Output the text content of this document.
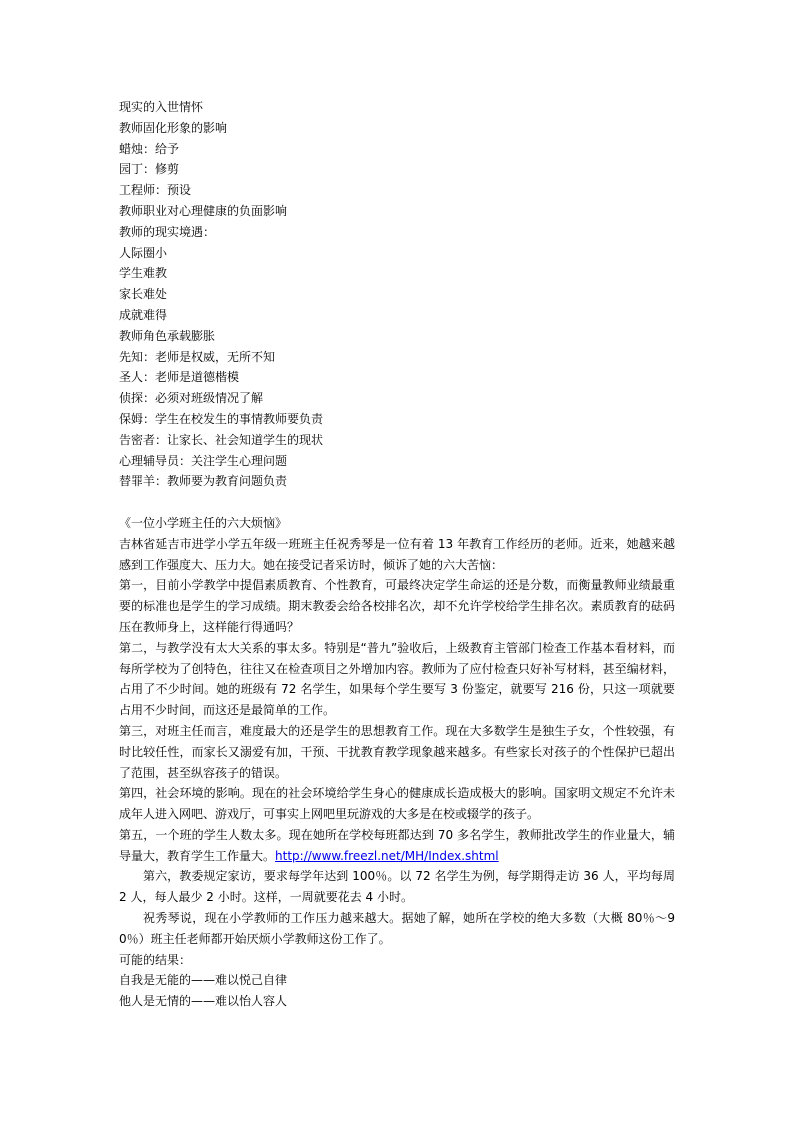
现实的入世情怀
教师固化形象的影响
蜡烛：给予
园丁：修剪
工程师：预设
教师职业对心理健康的负面影响
教师的现实境遇：
人际圈小
学生难教
家长难处
成就难得
教师角色承载膨胀
先知：老师是权威，无所不知
圣人：老师是道德楷模
侦探：必须对班级情况了解
保姆：学生在校发生的事情教师要负责
告密者：让家长、社会知道学生的现状
心理辅导员：关注学生心理问题
替罪羊：教师要为教育问题负责
《一位小学班主任的六大烦恼》
吉林省延吉市进学小学五年级一班班主任祝秀琴是一位有着 13 年教育工作经历的老师。近来，她越来越感到工作强度大、压力大。她在接受记者采访时，倾诉了她的六大苦恼：
第一，目前小学教学中提倡素质教育、个性教育，可最终决定学生命运的还是分数，而衡量教师业绩最重要的标准也是学生的学习成绩。期末教委会给各校排名次，却不允许学校给学生排名次。素质教育的砝码压在教师身上，这样能行得通吗？
第二，与教学没有太大关系的事太多。特别是“普九”验收后，上级教育主管部门检查工作基本看材料，而每所学校为了创特色，往往又在检查项目之外增加内容。教师为了应付检查只好补写材料，甚至编材料，占用了不少时间。她的班级有 72 名学生，如果每个学生要写 3 份鉴定，就要写 216 份，只这一项就要占用不少时间，而这还是最简单的工作。
第三，对班主任而言，难度最大的还是学生的思想教育工作。现在大多数学生是独生子女，个性较强，有时比较任性，而家长又溺爱有加，干预、干扰教育教学现象越来越多。有些家长对孩子的个性保护已超出了范围，甚至纵容孩子的错误。
第四，社会环境的影响。现在的社会环境给学生身心的健康成长造成极大的影响。国家明文规定不允许未成年人进入网吧、游戏厅，可事实上网吧里玩游戏的大多是在校或辍学的孩子。
第五，一个班的学生人数太多。现在她所在学校每班都达到 70 多名学生，教师批改学生的作业量大，辅导量大，教育学生工作量大。http://www.freezl.net/MH/Index.shtml
第六，教委规定家访，要求每学年达到 100％。以 72 名学生为例，每学期得走访 36 人，平均每周 2 人，每人最少 2 小时。这样，一周就要花去 4 小时。
祝秀琴说，现在小学教师的工作压力越来越大。据她了解，她所在学校的绝大多数（大概 80％～90％）班主任老师都开始厌烦小学教师这份工作了。
可能的结果：
自我是无能的——难以悦己自律
他人是无情的——难以怡人容人
